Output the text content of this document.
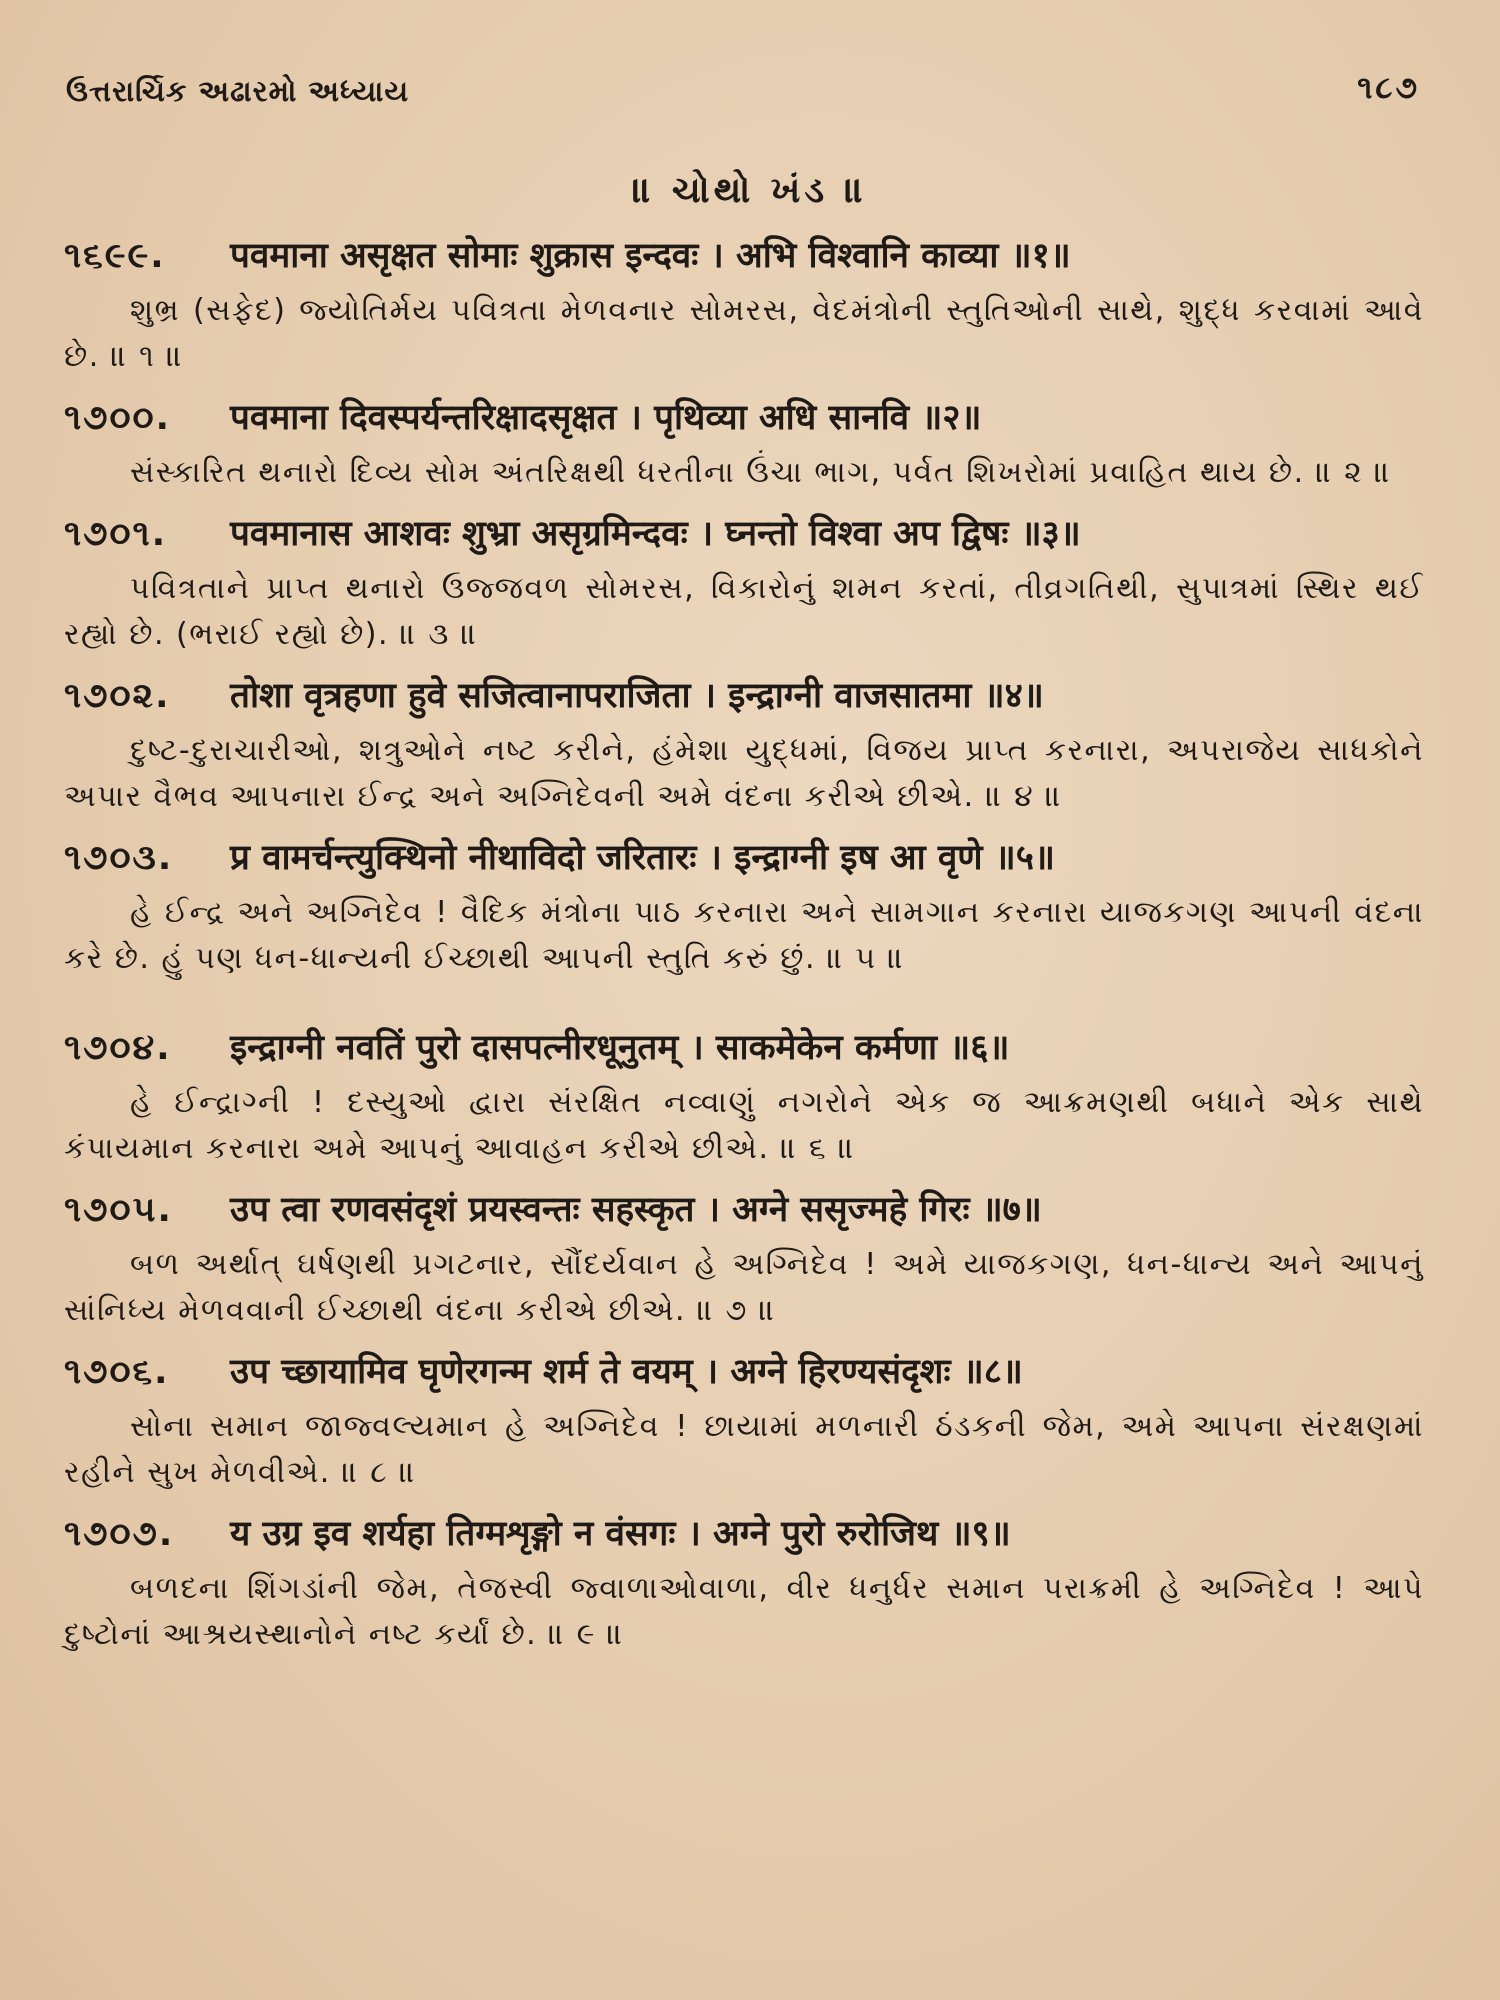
ઉત્તરાર્ચિક અઢારમો અધ્યાય	૧૮૭
॥ ચોથો ખંડ ॥
૧૬૯૯.	पवमाना असृक्षत सोमाः शुक्रास इन्दवः । अभि विश्वानि काव्या ॥१॥
શુભ્ર (સફેદ) જ્યોતિર્મય પવિત્રતા મેળવનાર સોમરસ, વેદમંત્રોની સ્તુતિઓની સાથે, શુદ્ધ કરવામાં આવે છે. ॥ ૧ ॥
૧૭૦૦.	पवमाना दिवस्पर्यन्तरिक्षादसृक्षत । पृथिव्या अधि सानवि ॥२॥
સંસ્કારિત થનારો દિવ્ય સોમ અંતરિક્ષથી ધરતીના ઉંચા ભાગ, પર્વત શિખરોમાં પ્રવાહિત થાય છે. ॥ ૨ ॥
૧૭૦૧.	पवमानास आशवः शुभ्रा असृग्रमिन्दवः । घ्नन्तो विश्वा अप द्विषः ॥३॥
પવિત્રતાને પ્રાપ્ત થનારો ઉજ્જવળ સોમરસ, વિકારોનું શમન કરતાં, તીવ્રગતિથી, સુપાત્રમાં સ્થિર થઈ રહ્યો છે. (ભરાઈ રહ્યો છે). ॥ ૩ ॥
૧૭૦૨.	तोशा वृत्रहणा हुवे सजित्वानापराजिता । इन्द्राग्नी वाजसातमा ॥४॥
દુષ્ટ-દુરાચારીઓ, શત્રુઓને નષ્ટ કરીને, હંમેશા યુદ્ધમાં, વિજય પ્રાપ્ત કરનારા, અપરાજેય સાધકોને અપાર વૈભવ આપનારા ઈન્દ્ર અને અગ્નિદેવની અમે વંદના કરીએ છીએ. ॥ ૪ ॥
૧૭૦૩.	प्र वामर्चन्त्युक्थिनो नीथाविदो जरितारः । इन्द्राग्नी इष आ वृणे ॥५॥
હે ઈન્દ્ર અને અગ્નિદેવ ! વૈદિક મંત્રોના પાઠ કરનારા અને સામગાન કરનારા યાજકગણ આપની વંદના કરે છે. હું પણ ધન-ધાન્યની ઈચ્છાથી આપની સ્તુતિ કરું છું. ॥ ૫ ॥
૧૭૦૪.	इन्द्राग्नी नवतिं पुरो दासपत्नीरधूनुतम् । साकमेकेन कर्मणा ॥६॥
હે ઈન્દ્રાગ્ની ! દસ્યુઓ દ્વારા સંરક્ષિત નવ્વાણું નગરોને એક જ આક્રમણથી બધાને એક સાથે કંપાયમાન કરનારા અમે આપનું આવાહન કરીએ છીએ. ॥ ૬ ॥
૧૭૦૫.	उप त्वा रणवसंदृशं प्रयस्वन्तः सहस्कृत । अग्ने ससृज्महे गिरः ॥७॥
બળ અર્થાત્ ઘર્ષણથી પ્રગટનાર, સૌંદર્યવાન હે અગ્નિદેવ ! અમે યાજકગણ, ધન-ધાન્ય અને આપનું સાંનિધ્ય મેળવવાની ઈચ્છાથી વંદના કરીએ છીએ. ॥ ૭ ॥
૧૭૦૬.	उप च्छायामिव घृणेरगन्म शर्म ते वयम् । अग्ने हिरण्यसंदृशः ॥८॥
સોના સમાન જાજ્વલ્યમાન હે અગ્નિદેવ ! છાયામાં મળનારી ઠંડકની જેમ, અમે આપના સંરક્ષણમાં રહીને સુખ મેળવીએ. ॥ ૮ ॥
૧૭૦૭.	य उग्र इव शर्यहा तिग्मशृङ्गो न वंसगः । अग्ने पुरो रुरोजिथ ॥९॥
બળદના શિંગડાંની જેમ, તેજસ્વી જ્વાળાઓવાળા, વીર ધનુર્ધર સમાન પરાક્રમી હે અગ્નિદેવ ! આપે દુષ્ટોનાં આશ્રયસ્થાનોને નષ્ટ કર્યાં છે. ॥ ૯ ॥
